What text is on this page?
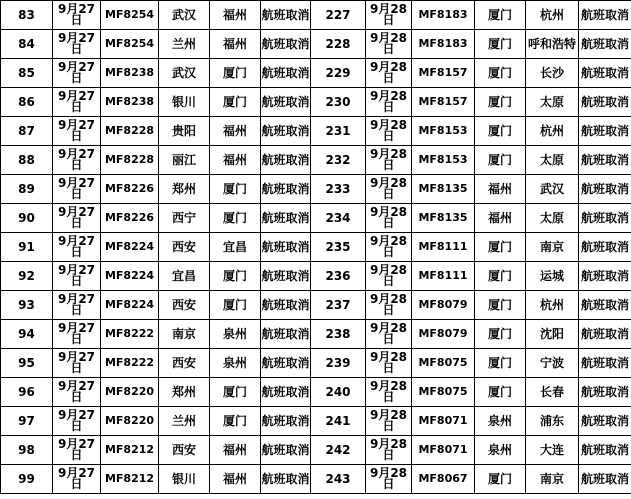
83	9月27日	MF8254	武汉	福州	航班取消	227	9月28日	MF8183	厦门	杭州	航班取消
84	9月27日	MF8254	兰州	福州	航班取消	228	9月28日	MF8183	厦门	呼和浩特	航班取消
85	9月27日	MF8238	武汉	厦门	航班取消	229	9月28日	MF8157	厦门	长沙	航班取消
86	9月27日	MF8238	银川	厦门	航班取消	230	9月28日	MF8157	厦门	太原	航班取消
87	9月27日	MF8228	贵阳	福州	航班取消	231	9月28日	MF8153	厦门	杭州	航班取消
88	9月27日	MF8228	丽江	福州	航班取消	232	9月28日	MF8153	厦门	太原	航班取消
89	9月27日	MF8226	郑州	厦门	航班取消	233	9月28日	MF8135	福州	武汉	航班取消
90	9月27日	MF8226	西宁	厦门	航班取消	234	9月28日	MF8135	福州	太原	航班取消
91	9月27日	MF8224	西安	宜昌	航班取消	235	9月28日	MF8111	厦门	南京	航班取消
92	9月27日	MF8224	宜昌	厦门	航班取消	236	9月28日	MF8111	厦门	运城	航班取消
93	9月27日	MF8224	西安	厦门	航班取消	237	9月28日	MF8079	厦门	杭州	航班取消
94	9月27日	MF8222	南京	泉州	航班取消	238	9月28日	MF8079	厦门	沈阳	航班取消
95	9月27日	MF8222	西安	泉州	航班取消	239	9月28日	MF8075	厦门	宁波	航班取消
96	9月27日	MF8220	郑州	厦门	航班取消	240	9月28日	MF8075	厦门	长春	航班取消
97	9月27日	MF8220	兰州	厦门	航班取消	241	9月28日	MF8071	泉州	浦东	航班取消
98	9月27日	MF8212	西安	福州	航班取消	242	9月28日	MF8071	泉州	大连	航班取消
99	9月27日	MF8212	银川	福州	航班取消	243	9月28日	MF8067	厦门	南京	航班取消
